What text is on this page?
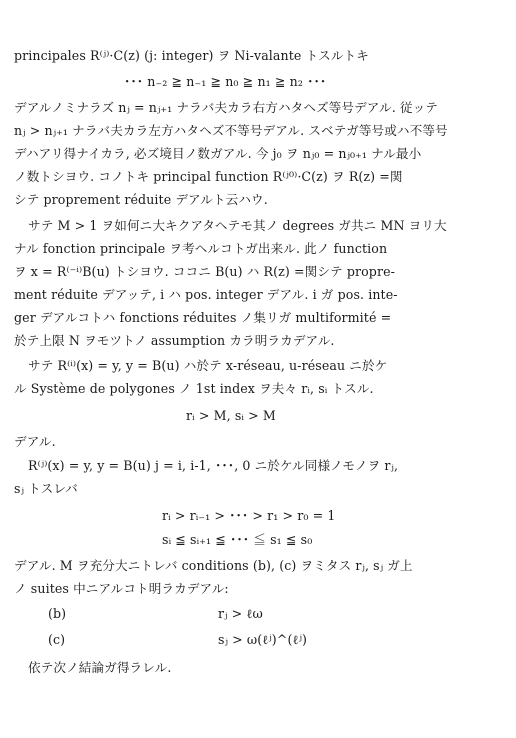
principales R⁽ʲ⁾·C(z) (j: integer) ヲ Ni-valante トスルトキ
･･･ n₋₂ ≧ n₋₁ ≧ n₀ ≧ n₁ ≧ n₂ ･･･
デアルノミナラズ nⱼ = nⱼ₊₁ ナラバ夫カラ右方ハタヘズ等号デアル. 従ッテ
nⱼ > nⱼ₊₁ ナラバ夫カラ左方ハタヘズ不等号デアル. スベテガ等号或ハ不等号
デハアリ得ナイカラ, 必ズ境目ノ数ガアル. 今 j₀ ヲ nⱼ₀ = nⱼ₀₊₁ ナル最小
ノ数トシヨウ. コノトキ principal function R⁽ʲ⁰⁾·C(z) ヲ R(z) =関
シテ proprement réduite デアルト云ハウ.
サテ M > 1 ヲ如何ニ大キクアタヘテモ其ノ degrees ガ共ニ MN ヨリ大
ナル fonction principale ヲ考ヘルコトガ出来ル. 此ノ function
ヲ x = R⁽⁻ⁱ⁾B(u) トシヨウ. ココニ B(u) ハ R(z) =関シテ propre-
ment réduite デアッテ, i ハ pos. integer デアル. i ガ pos. inte-
ger デアルコトハ fonctions réduites ノ集リガ multiformité =
於テ上限 N ヲモツトノ assumption カラ明ラカデアル.
サテ R⁽ⁱ⁾(x) = y, y = B(u) ハ於テ x-réseau, u-réseau ニ於ケ
ル Système de polygones ノ 1st index ヲ夫々 rᵢ, sᵢ トスル.
rᵢ > M, sᵢ > M
デアル.
R⁽ʲ⁾(x) = y, y = B(u) j = i, i-1, ･･･, 0 ニ於ケル同様ノモノヲ rⱼ,
sⱼ トスレバ
rᵢ > rᵢ₋₁ > ･･･ > r₁ > r₀ = 1
sᵢ ≦ sᵢ₊₁ ≦ ･･･ ≦ s₁ ≦ s₀
デアル. M ヲ充分大ニトレバ conditions (b), (c) ヲミタス rⱼ, sⱼ ガ上
ノ suites 中ニアルコト明ラカデアル:
(b)	rⱼ > ℓω
(c)	sⱼ > ω(ℓʲ)^(ℓʲ)
依テ次ノ結論ガ得ラレル.
